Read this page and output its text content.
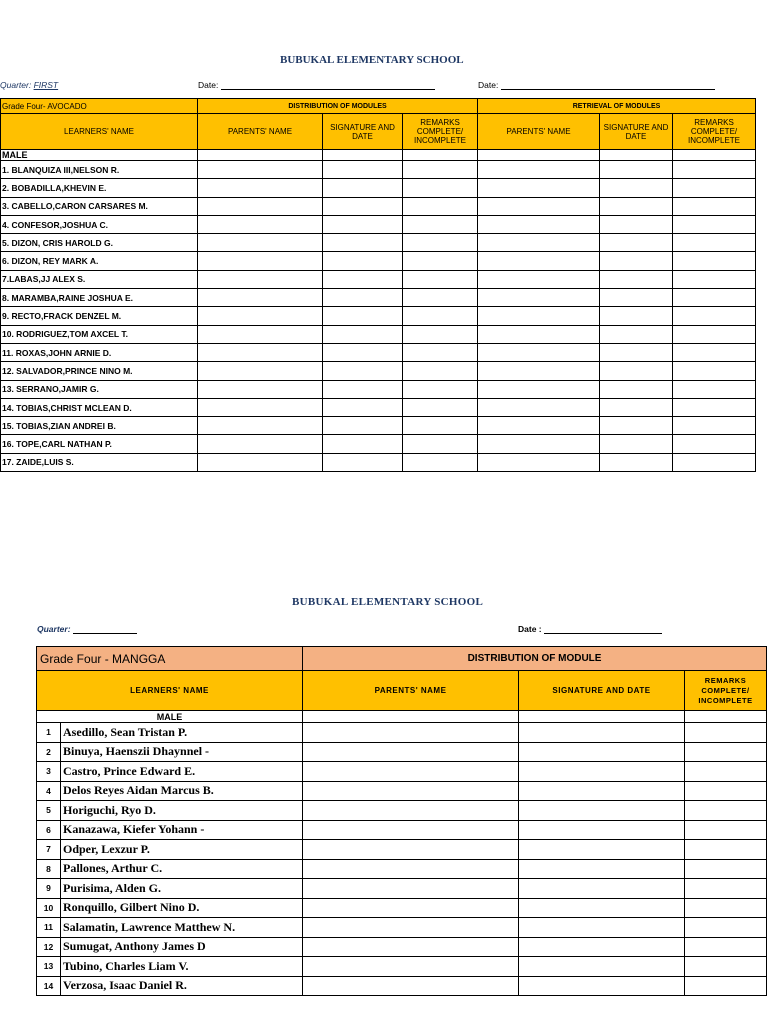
BUBUKAL ELEMENTARY SCHOOL
Quarter: FIRST	Date:	Date:
Grade Four- AVOCADO	DISTRIBUTION OF MODULES			RETRIEVAL OF MODULES		
LEARNERS' NAME	PARENTS' NAME	SIGNATURE AND DATE	REMARKS COMPLETE/ INCOMPLETE	PARENTS' NAME	SIGNATURE AND DATE	REMARKS COMPLETE/ INCOMPLETE
MALE						
1. BLANQUIZA III,NELSON R.						
2. BOBADILLA,KHEVIN E.						
3. CABELLO,CARON CARSARES M.						
4. CONFESOR,JOSHUA C.						
5. DIZON, CRIS HAROLD G.						
6. DIZON, REY MARK A.						
7.LABAS,JJ ALEX S.						
8. MARAMBA,RAINE JOSHUA E.						
9. RECTO,FRACK DENZEL M.						
10. RODRIGUEZ,TOM AXCEL T.						
11. ROXAS,JOHN ARNIE D.						
12. SALVADOR,PRINCE NINO M.						
13. SERRANO,JAMIR G.						
14. TOBIAS,CHRIST MCLEAN D.						
15. TOBIAS,ZIAN ANDREI B.						
16. TOPE,CARL NATHAN P.						
17. ZAIDE,LUIS S.						
BUBUKAL ELEMENTARY SCHOOL
Quarter:	Date :
Grade Four - MANGGA		DISTRIBUTION OF MODULE		
LEARNERS' NAME		PARENTS' NAME	SIGNATURE AND DATE	REMARKS COMPLETE/ INCOMPLETE
MALE				
1	Asedillo, Sean Tristan P.			
2	Binuya, Haenszii Dhaynnel -			
3	Castro, Prince Edward E.			
4	Delos Reyes Aidan Marcus B.			
5	Horiguchi, Ryo D.			
6	Kanazawa, Kiefer Yohann -			
7	Odper, Lexzur P.			
8	Pallones, Arthur C.			
9	Purisima, Alden G.			
10	Ronquillo, Gilbert Nino D.			
11	Salamatin, Lawrence Matthew N.			
12	Sumugat, Anthony James D			
13	Tubino, Charles Liam V.			
14	Verzosa, Isaac Daniel R.			
